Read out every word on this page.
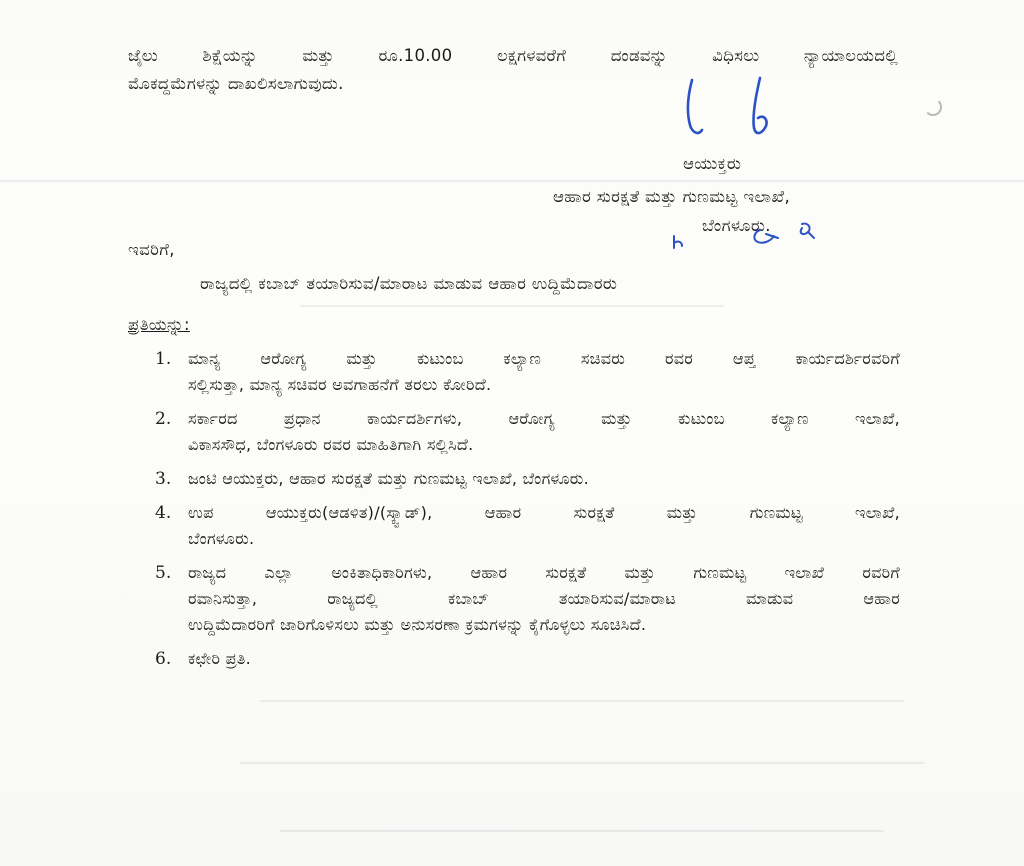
ಜೈಲು ಶಿಕ್ಷೆಯನ್ನು ಮತ್ತು ರೂ.10.00 ಲಕ್ಷಗಳವರೆಗೆ ದಂಡವನ್ನು ವಿಧಿಸಲು ನ್ಯಾಯಾಲಯದಲ್ಲಿ
ಮೊಕದ್ದಮೆಗಳನ್ನು ದಾಖಲಿಸಲಾಗುವುದು.
ಆಯುಕ್ತರು
ಆಹಾರ ಸುರಕ್ಷತೆ ಮತ್ತು ಗುಣಮಟ್ಟ ಇಲಾಖೆ,
ಬೆಂಗಳೂರು.
ಇವರಿಗೆ,
ರಾಜ್ಯದಲ್ಲಿ ಕಬಾಬ್ ತಯಾರಿಸುವ/ಮಾರಾಟ ಮಾಡುವ ಆಹಾರ ಉದ್ದಿಮೆದಾರರು
ಪ್ರತಿಯನ್ನು:
1. ಮಾನ್ಯ ಆರೋಗ್ಯ ಮತ್ತು ಕುಟುಂಬ ಕಲ್ಯಾಣ ಸಚಿವರು ರವರ ಆಪ್ತ ಕಾರ್ಯದರ್ಶಿರವರಿಗೆ
ಸಲ್ಲಿಸುತ್ತಾ, ಮಾನ್ಯ ಸಚಿವರ ಅವಗಾಹನೆಗೆ ತರಲು ಕೋರಿದೆ.
2. ಸರ್ಕಾರದ ಪ್ರಧಾನ ಕಾರ್ಯದರ್ಶಿಗಳು, ಆರೋಗ್ಯ ಮತ್ತು ಕುಟುಂಬ ಕಲ್ಯಾಣ ಇಲಾಖೆ,
ವಿಕಾಸಸೌಧ, ಬೆಂಗಳೂರು ರವರ ಮಾಹಿತಿಗಾಗಿ ಸಲ್ಲಿಸಿದೆ.
3. ಜಂಟಿ ಆಯುಕ್ತರು, ಆಹಾರ ಸುರಕ್ಷತೆ ಮತ್ತು ಗುಣಮಟ್ಟ ಇಲಾಖೆ, ಬೆಂಗಳೂರು.
4. ಉಪ ಆಯುಕ್ತರು(ಆಡಳಿತ)/(ಸ್ಕ್ವಾಡ್), ಆಹಾರ ಸುರಕ್ಷತೆ ಮತ್ತು ಗುಣಮಟ್ಟ ಇಲಾಖೆ,
ಬೆಂಗಳೂರು.
5. ರಾಜ್ಯದ ಎಲ್ಲಾ ಅಂಕಿತಾಧಿಕಾರಿಗಳು, ಆಹಾರ ಸುರಕ್ಷತೆ ಮತ್ತು ಗುಣಮಟ್ಟ ಇಲಾಖೆ ರವರಿಗೆ
ರವಾನಿಸುತ್ತಾ, ರಾಜ್ಯದಲ್ಲಿ ಕಬಾಬ್ ತಯಾರಿಸುವ/ಮಾರಾಟ ಮಾಡುವ ಆಹಾರ
ಉದ್ದಿಮೆದಾರರಿಗೆ ಜಾರಿಗೊಳಿಸಲು ಮತ್ತು ಅನುಸರಣಾ ಕ್ರಮಗಳನ್ನು ಕೈಗೊಳ್ಳಲು ಸೂಚಿಸಿದೆ.
6. ಕಛೇರಿ ಪ್ರತಿ.
